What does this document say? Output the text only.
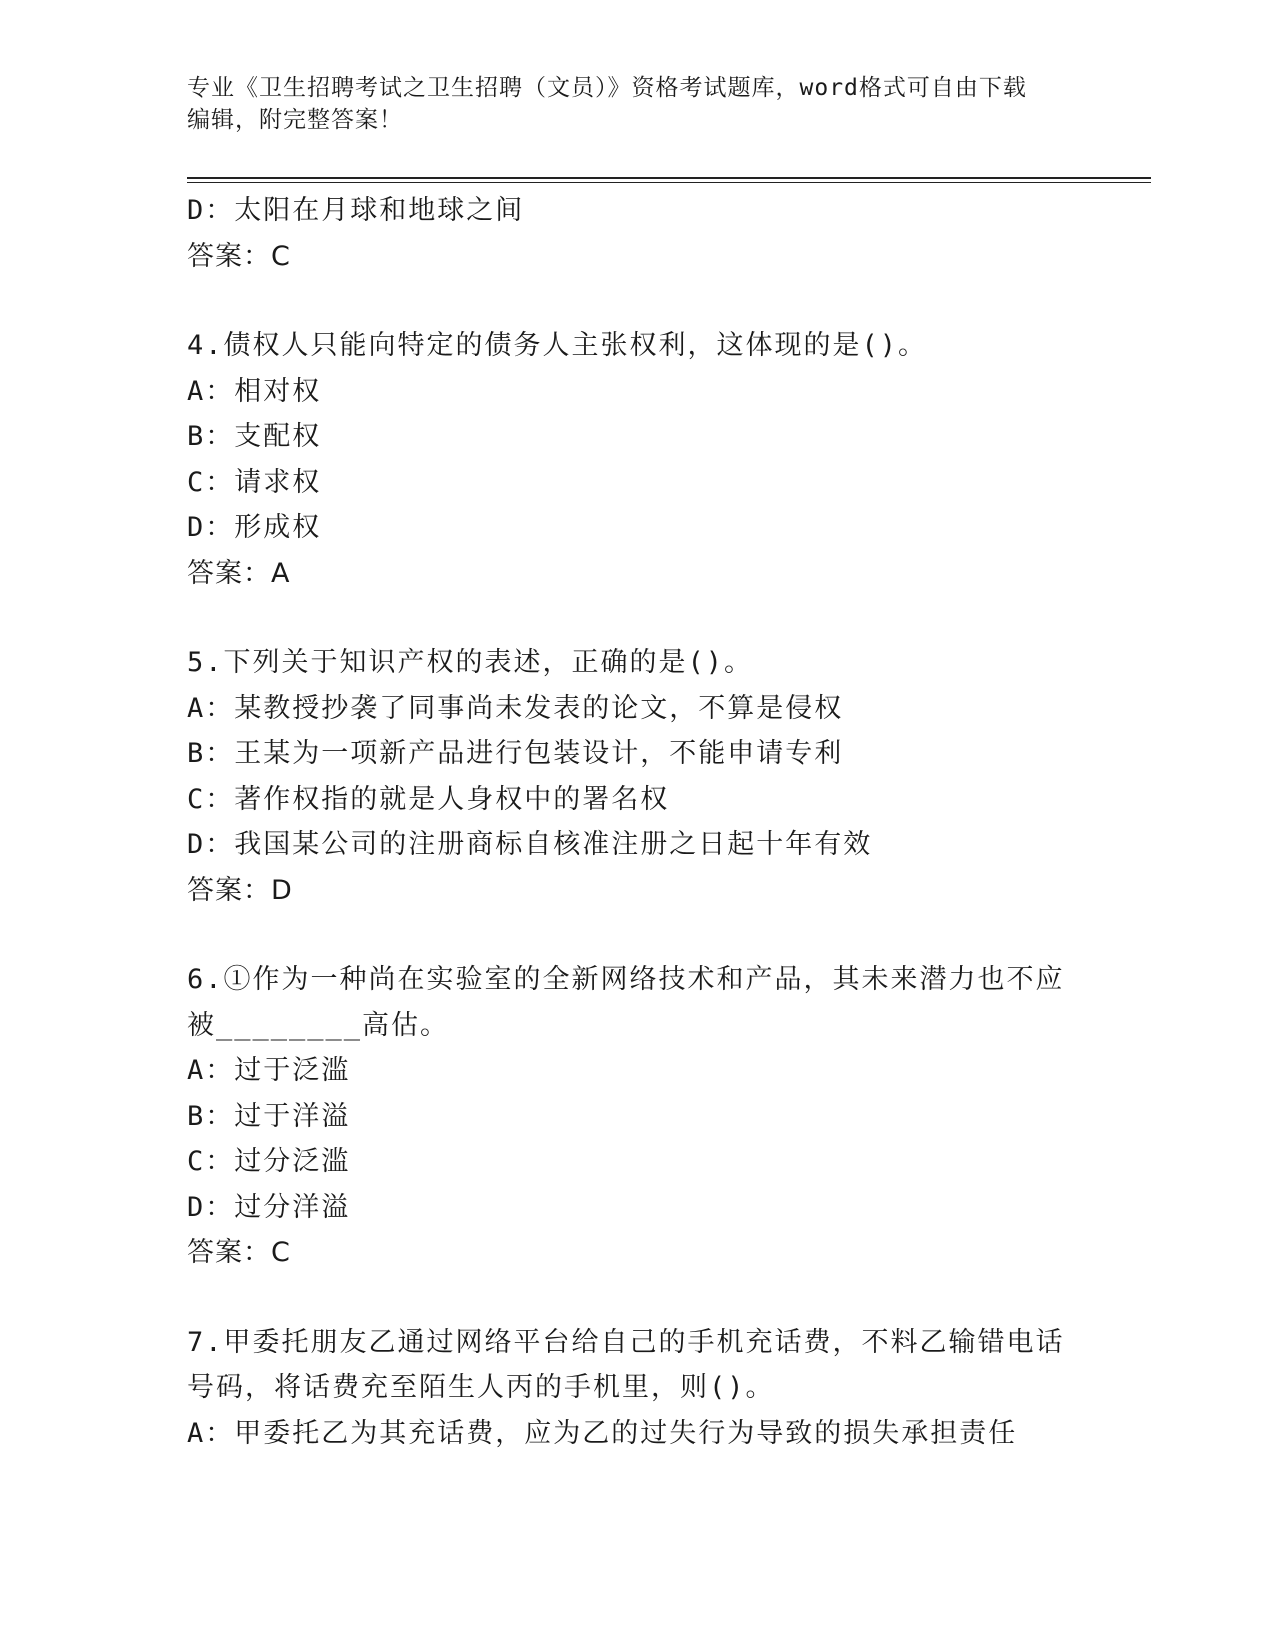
专业《卫生招聘考试之卫生招聘（文员）》资格考试题库，word格式可自由下载
编辑，附完整答案！
D：太阳在月球和地球之间
答案：C
4.债权人只能向特定的债务人主张权利，这体现的是()。
A：相对权
B：支配权
C：请求权
D：形成权
答案：A
5.下列关于知识产权的表述，正确的是()。
A：某教授抄袭了同事尚未发表的论文，不算是侵权
B：王某为一项新产品进行包装设计，不能申请专利
C：著作权指的就是人身权中的署名权
D：我国某公司的注册商标自核准注册之日起十年有效
答案：D
6.①作为一种尚在实验室的全新网络技术和产品，其未来潜力也不应
被________高估。
A：过于泛滥
B：过于洋溢
C：过分泛滥
D：过分洋溢
答案：C
7.甲委托朋友乙通过网络平台给自己的手机充话费，不料乙输错电话
号码，将话费充至陌生人丙的手机里，则()。
A：甲委托乙为其充话费，应为乙的过失行为导致的损失承担责任
